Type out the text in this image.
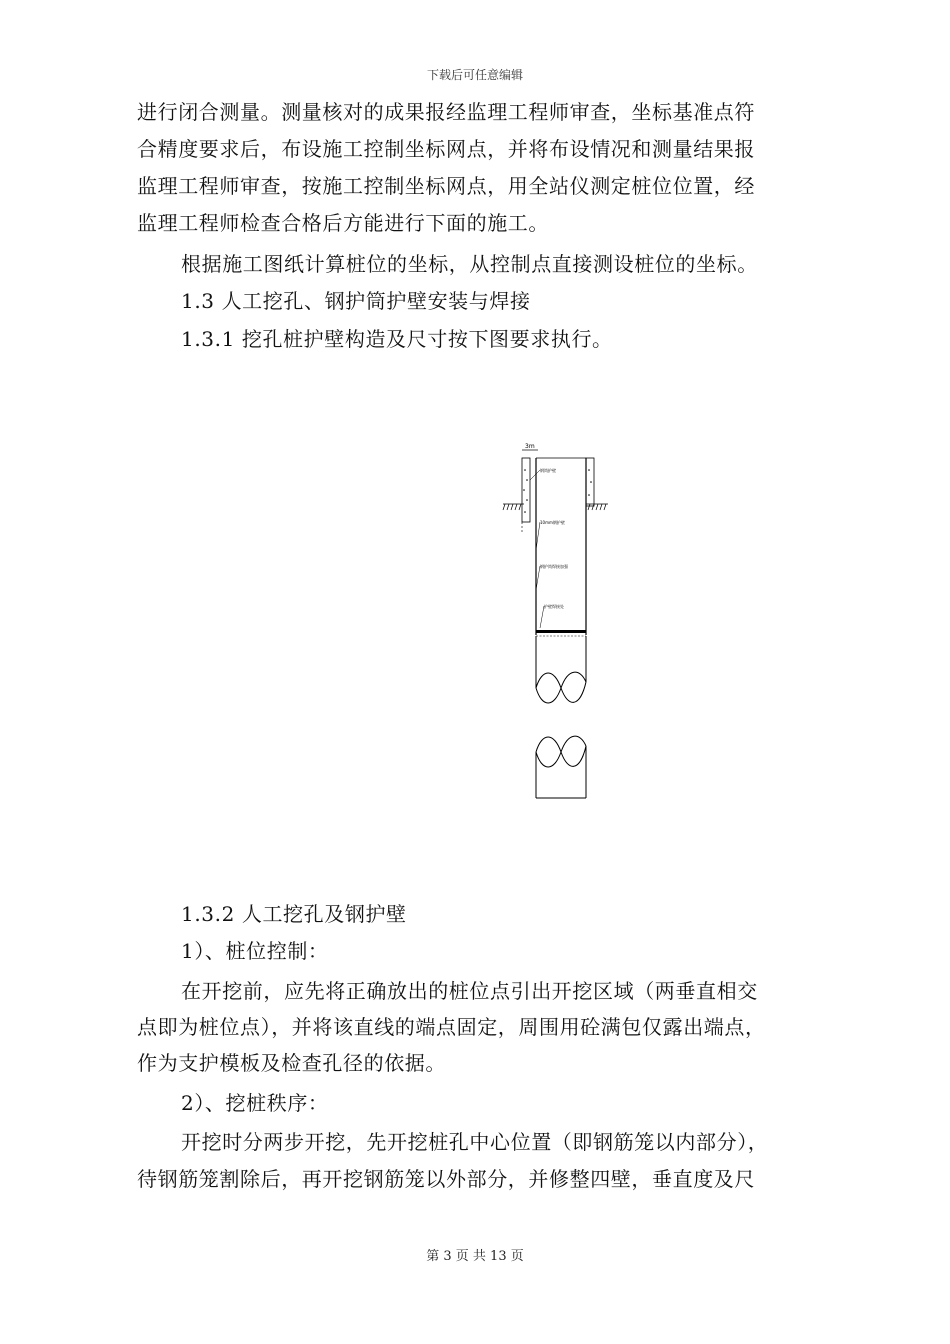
下载后可任意编辑

进行闭合测量。测量核对的成果报经监理工程师审查，坐标基准点符

合精度要求后，布设施工控制坐标网点，并将布设情况和测量结果报

监理工程师审查，按施工控制坐标网点，用全站仪测定桩位位置，经

监理工程师检查合格后方能进行下面的施工。

根据施工图纸计算桩位的坐标，从控制点直接测设桩位的坐标。

1.3 人工挖孔、钢护筒护壁安装与焊接

1.3.1 挖孔桩护壁构造及尺寸按下图要求执行。

3m
钢筒护壁
10mm钢护壁
钢护筒焊接加强
护壁焊接处

1.3.2 人工挖孔及钢护壁

1）、桩位控制：

在开挖前，应先将正确放出的桩位点引出开挖区域（两垂直相交

点即为桩位点），并将该直线的端点固定，周围用砼满包仅露出端点，

作为支护模板及检查孔径的依据。

2）、挖桩秩序：

开挖时分两步开挖，先开挖桩孔中心位置（即钢筋笼以内部分），

待钢筋笼割除后，再开挖钢筋笼以外部分，并修整四壁，垂直度及尺

第 3 页 共 13 页
